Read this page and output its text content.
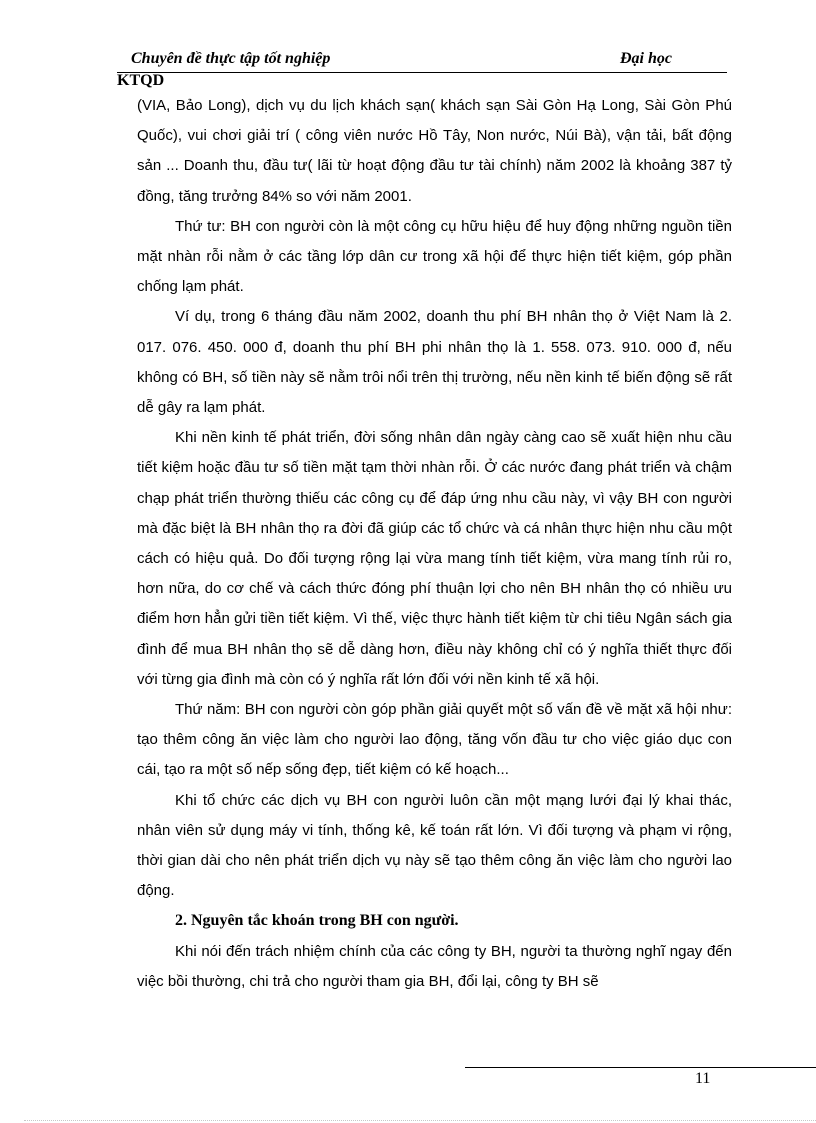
Chuyên đề thực tập tốt nghiệp	Đại học
KTQD

(VIA, Bảo Long), dịch vụ du lịch khách sạn( khách sạn Sài Gòn Hạ Long, Sài Gòn Phú Quốc), vui chơi giải trí ( công viên nước Hồ Tây, Non nước, Núi Bà), vận tải, bất động sản ... Doanh thu, đầu tư( lãi từ hoạt động đầu tư tài chính) năm 2002 là khoảng 387 tỷ đồng, tăng trưởng 84% so với năm 2001.

Thứ tư: BH con người còn là một công cụ hữu hiệu để huy động những nguồn tiền mặt nhàn rỗi nằm ở các tầng lớp dân cư trong xã hội để thực hiện tiết kiệm, góp phần chống lạm phát.

Ví dụ, trong 6 tháng đầu năm 2002, doanh thu phí BH nhân thọ ở Việt Nam là 2. 017. 076. 450. 000 đ, doanh thu phí BH phi nhân thọ là 1. 558. 073. 910. 000 đ, nếu không có BH, số tiền này sẽ nằm trôi nổi trên thị trường, nếu nền kinh tế biến động sẽ rất dễ gây ra lạm phát.

Khi nền kinh tế phát triển, đời sống nhân dân ngày càng cao sẽ xuất hiện nhu cầu tiết kiệm hoặc đầu tư số tiền mặt tạm thời nhàn rỗi. Ở các nước đang phát triển và chậm chạp phát triển thường thiếu các công cụ để đáp ứng nhu cầu này, vì vậy BH con người mà đặc biệt là BH nhân thọ ra đời đã giúp các tổ chức và cá nhân thực hiện nhu cầu một cách có hiệu quả. Do đối tượng rộng lại vừa mang tính tiết kiệm, vừa mang tính rủi ro, hơn nữa, do cơ chế và cách thức đóng phí thuận lợi cho nên BH nhân thọ có nhiều ưu điểm hơn hẳn gửi tiền tiết kiệm. Vì thế, việc thực hành tiết kiệm từ chi tiêu Ngân sách gia đình để mua BH nhân thọ sẽ dễ dàng hơn, điều này không chỉ có ý nghĩa thiết thực đối với từng gia đình mà còn có ý nghĩa rất lớn đối với nền kinh tế xã hội.

Thứ năm: BH con người còn góp phần giải quyết một số vấn đề về mặt xã hội như: tạo thêm công ăn việc làm cho người lao động, tăng vốn đầu tư cho việc giáo dục con cái, tạo ra một số nếp sống đẹp, tiết kiệm có kế hoạch...

Khi tổ chức các dịch vụ BH con người luôn cần một mạng lưới đại lý khai thác, nhân viên sử dụng máy vi tính, thống kê, kế toán rất lớn. Vì đối tượng và phạm vi rộng, thời gian dài cho nên phát triển dịch vụ này sẽ tạo thêm công ăn việc làm cho người lao động.

2. Nguyên tắc khoán trong BH con người.

Khi nói đến trách nhiệm chính của các công ty BH, người ta thường nghĩ ngay đến việc bồi thường, chi trả cho người tham gia BH, đổi lại, công ty BH sẽ

11
